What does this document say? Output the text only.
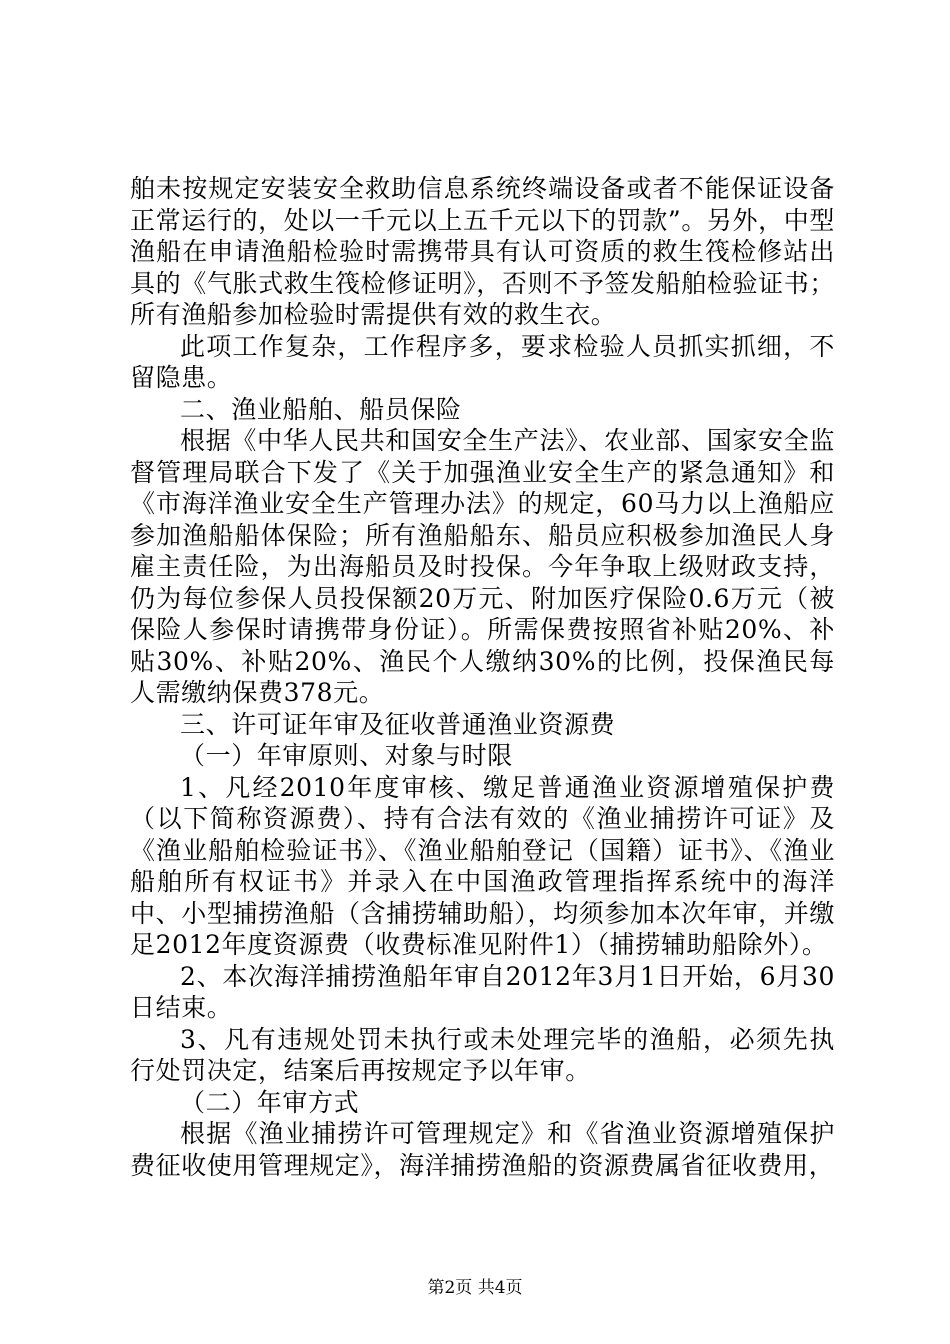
舶未按规定安装安全救助信息系统终端设备或者不能保证设备正常运行的，处以一千元以上五千元以下的罚款”。另外，中型渔船在申请渔船检验时需携带具有认可资质的救生筏检修站出具的《气胀式救生筏检修证明》，否则不予签发船舶检验证书；所有渔船参加检验时需提供有效的救生衣。

此项工作复杂，工作程序多，要求检验人员抓实抓细，不留隐患。

二、渔业船舶、船员保险

根据《中华人民共和国安全生产法》、农业部、国家安全监督管理局联合下发了《关于加强渔业安全生产的紧急通知》和《市海洋渔业安全生产管理办法》的规定，60马力以上渔船应参加渔船船体保险；所有渔船船东、船员应积极参加渔民人身雇主责任险，为出海船员及时投保。今年争取上级财政支持，仍为每位参保人员投保额20万元、附加医疗保险0.6万元（被保险人参保时请携带身份证）。所需保费按照省补贴20%、补贴30%、补贴20%、渔民个人缴纳30%的比例，投保渔民每人需缴纳保费378元。

三、许可证年审及征收普通渔业资源费

（一）年审原则、对象与时限

1、凡经2010年度审核、缴足普通渔业资源增殖保护费（以下简称资源费）、持有合法有效的《渔业捕捞许可证》及《渔业船舶检验证书》、《渔业船舶登记（国籍）证书》、《渔业船舶所有权证书》并录入在中国渔政管理指挥系统中的海洋中、小型捕捞渔船（含捕捞辅助船），均须参加本次年审，并缴足2012年度资源费（收费标准见附件1）（捕捞辅助船除外）。

2、本次海洋捕捞渔船年审自2012年3月1日开始，6月30日结束。

3、凡有违规处罚未执行或未处理完毕的渔船，必须先执行处罚决定，结案后再按规定予以年审。

（二）年审方式

根据《渔业捕捞许可管理规定》和《省渔业资源增殖保护费征收使用管理规定》，海洋捕捞渔船的资源费属省征收费用，

第2页 共4页
